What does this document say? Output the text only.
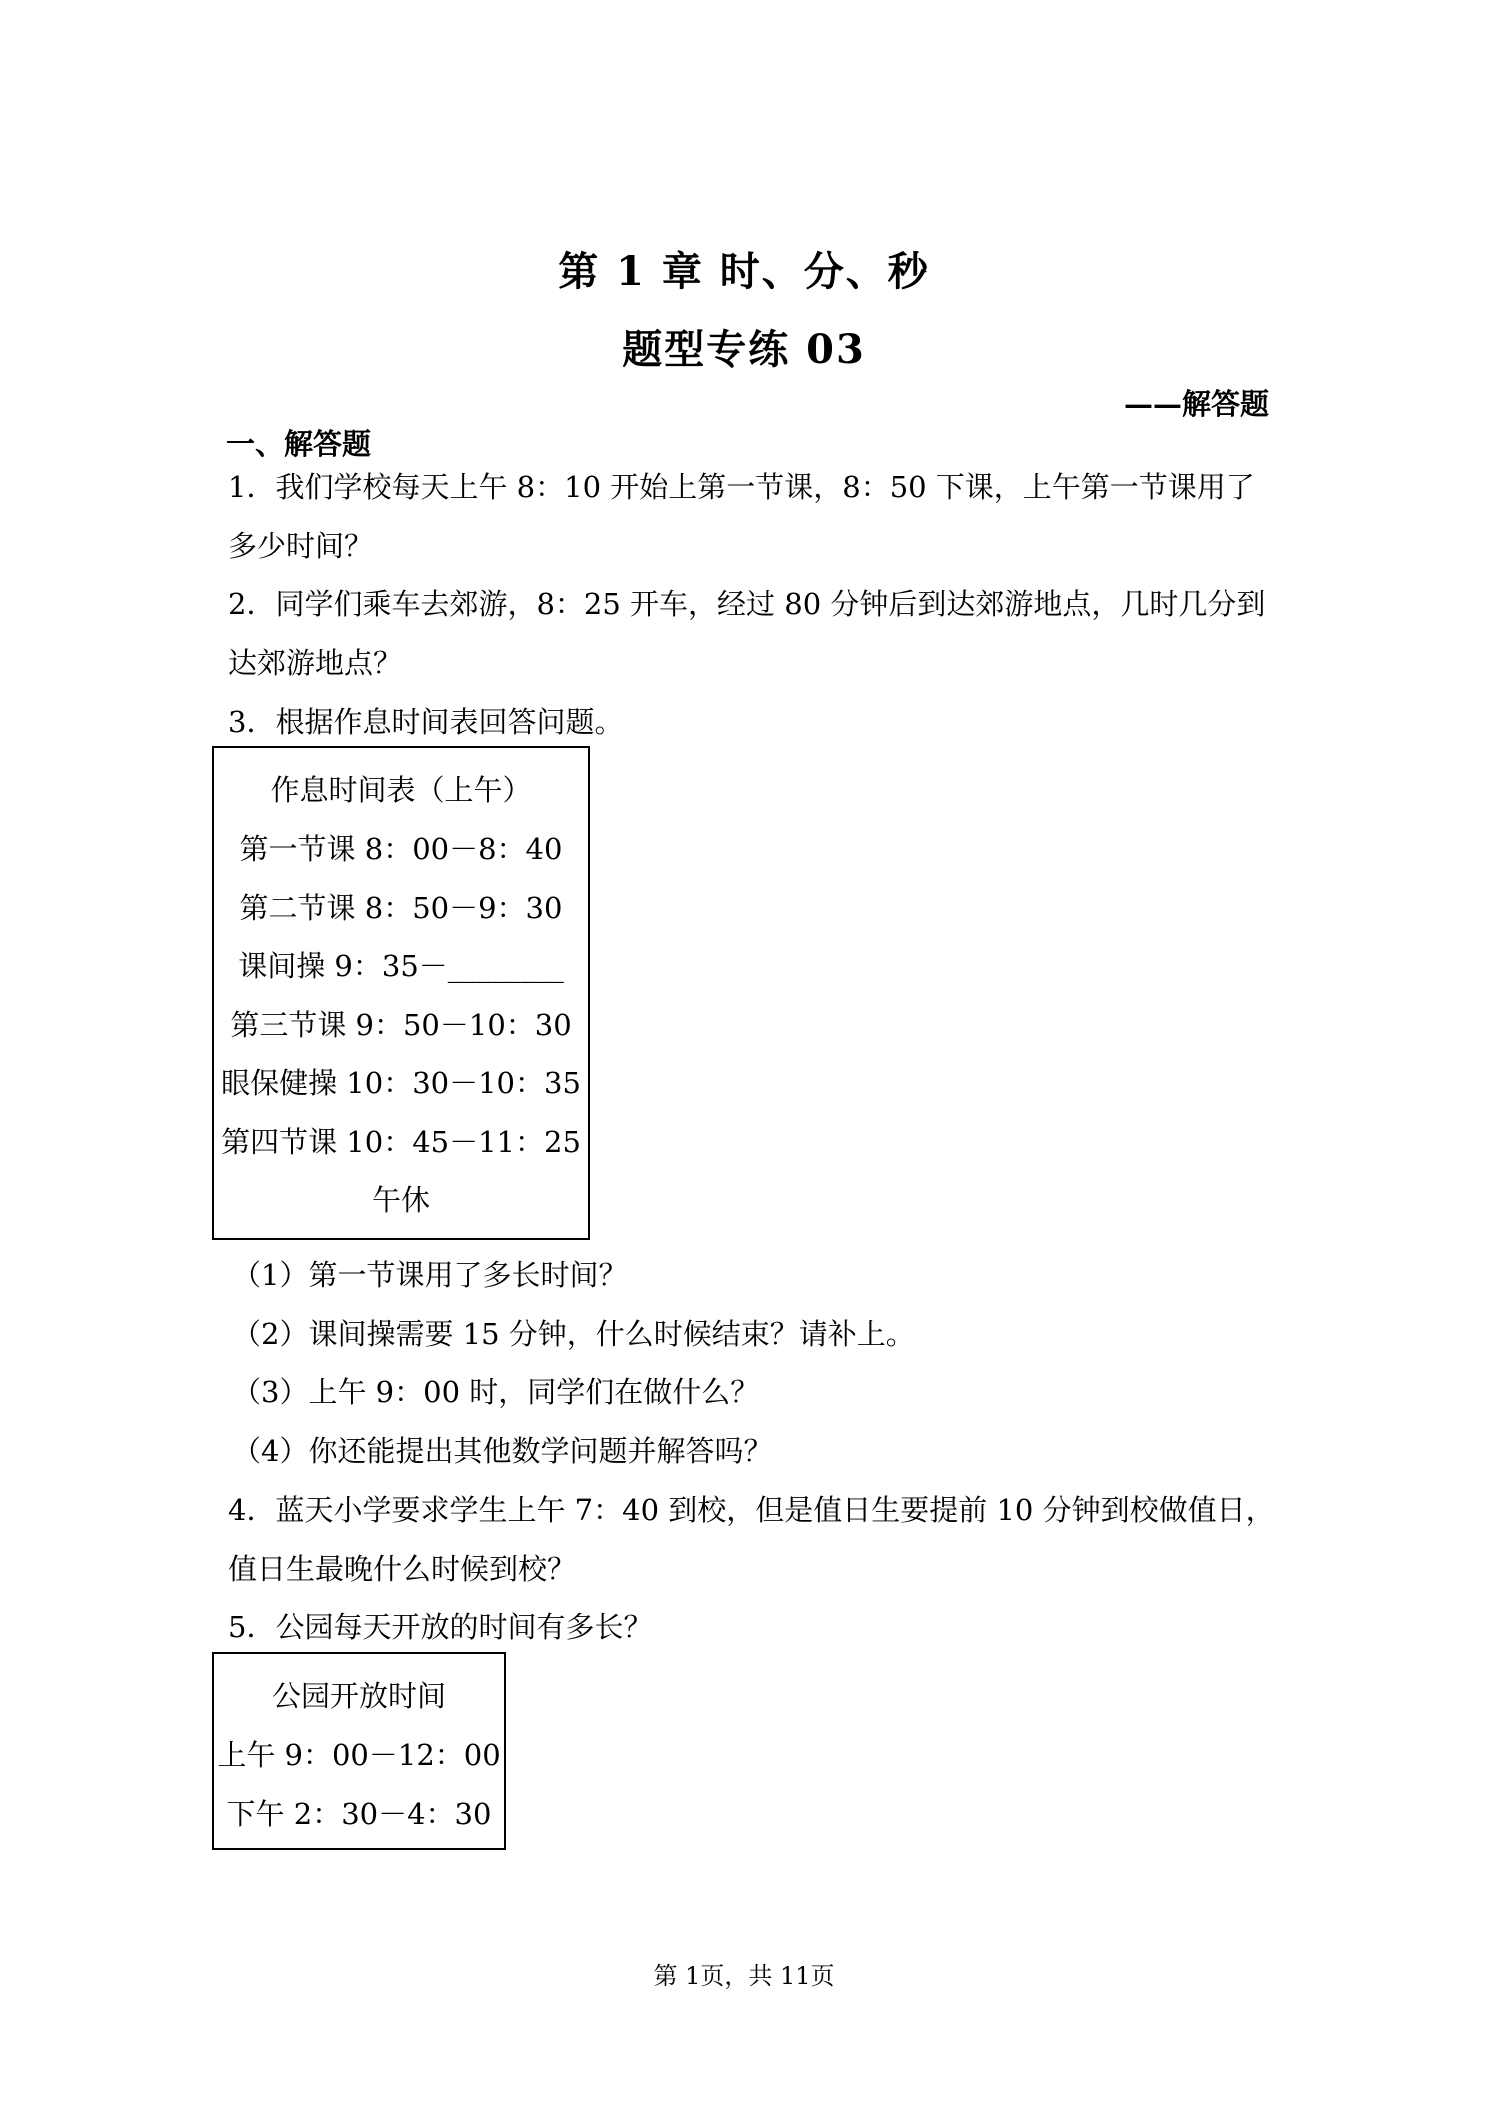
第 1 章 时、分、秒
题型专练 03
——解答题
一、解答题
1．我们学校每天上午 8：10 开始上第一节课，8：50 下课，上午第一节课用了
多少时间？
2．同学们乘车去郊游，8：25 开车，经过 80 分钟后到达郊游地点，几时几分到
达郊游地点？
3．根据作息时间表回答问题。
作息时间表（上午）
第一节课 8：00－8：40
第二节课 8：50－9：30
课间操 9：35－________
第三节课 9：50－10：30
眼保健操 10：30－10：35
第四节课 10：45－11：25
午休
（1）第一节课用了多长时间？
（2）课间操需要 15 分钟，什么时候结束？请补上。
（3）上午 9：00 时，同学们在做什么？
（4）你还能提出其他数学问题并解答吗？
4．蓝天小学要求学生上午 7：40 到校，但是值日生要提前 10 分钟到校做值日，
值日生最晚什么时候到校？
5．公园每天开放的时间有多长？
公园开放时间
上午 9：00－12：00
下午 2：30－4：30
第 1页，共 11页
